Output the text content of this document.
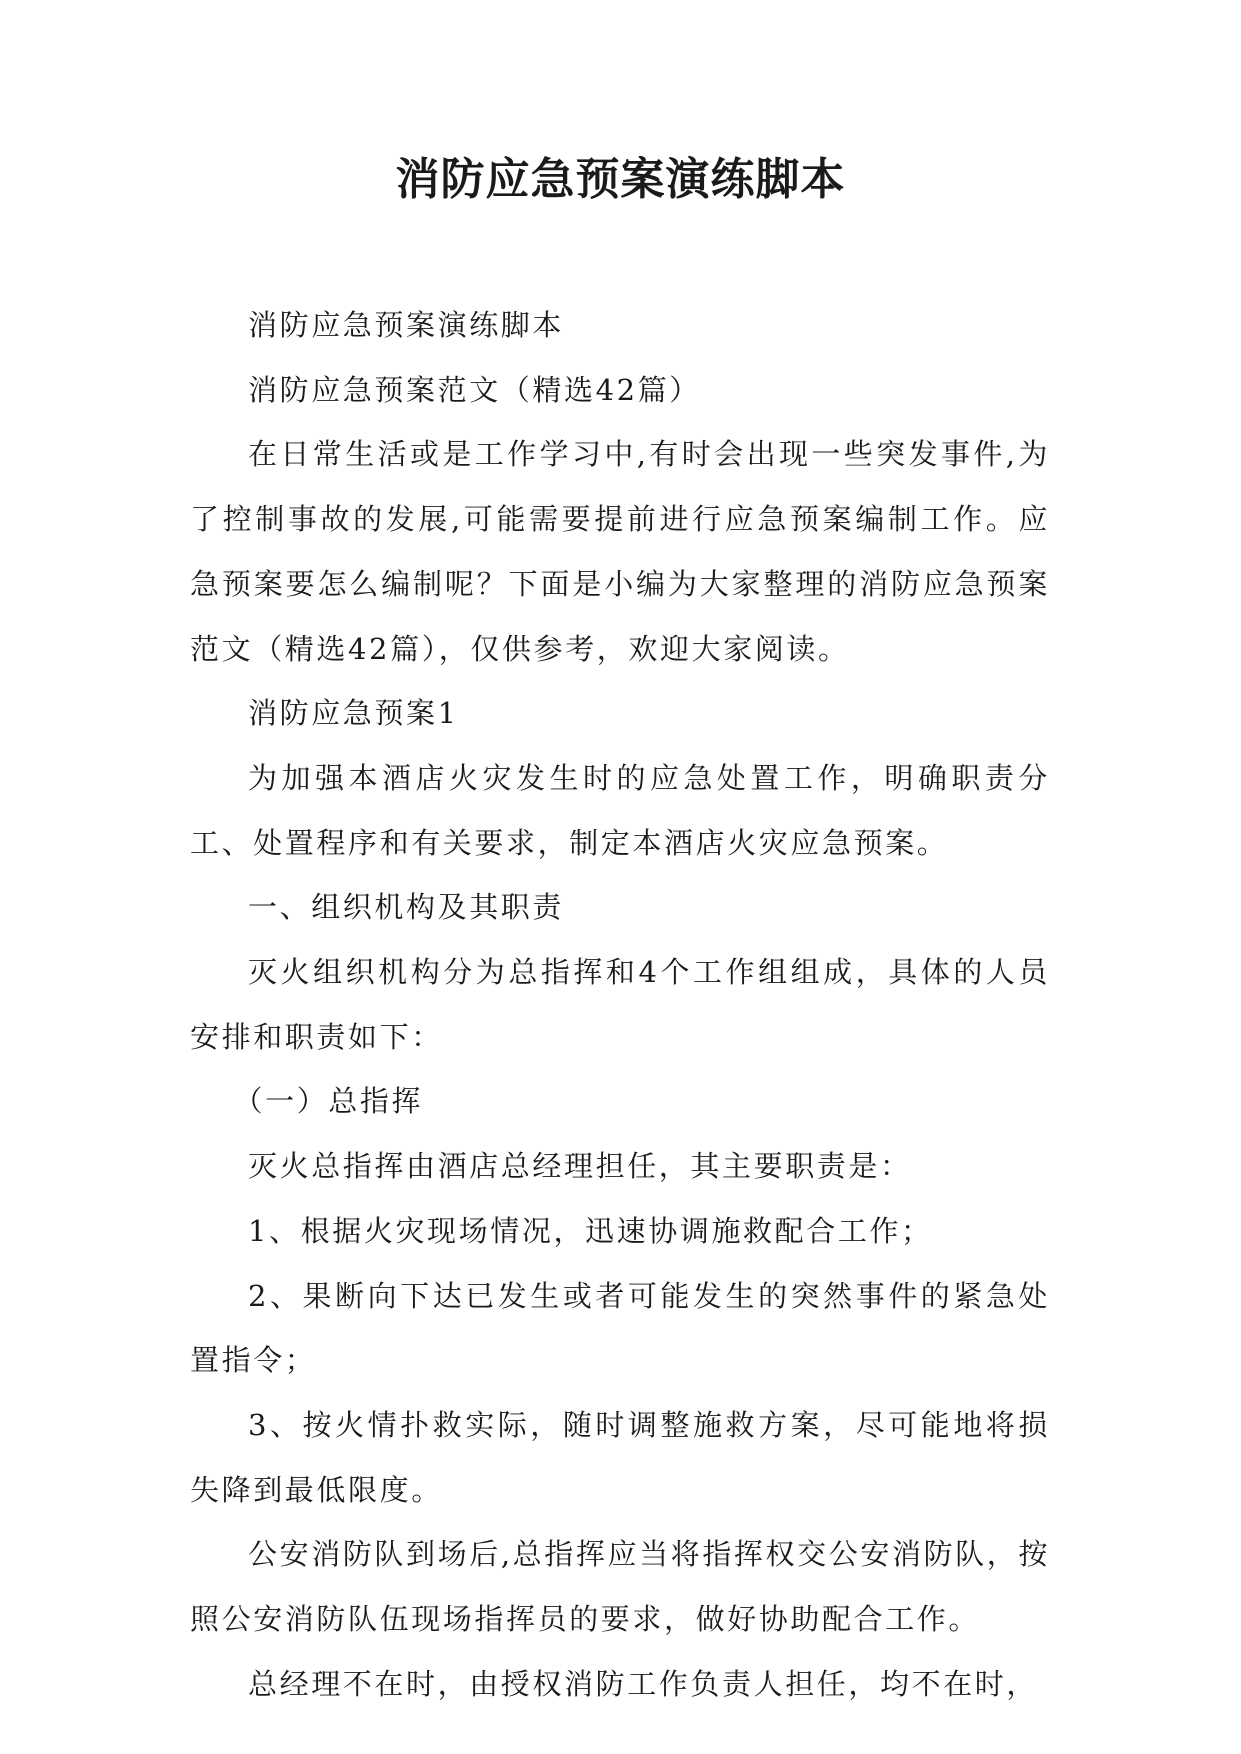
消防应急预案演练脚本

消防应急预案演练脚本

消防应急预案范文（精选42篇）

在日常生活或是工作学习中,有时会出现一些突发事件,为了控制事故的发展,可能需要提前进行应急预案编制工作。应急预案要怎么编制呢？下面是小编为大家整理的消防应急预案范文（精选42篇），仅供参考，欢迎大家阅读。

消防应急预案1

为加强本酒店火灾发生时的应急处置工作，明确职责分工、处置程序和有关要求，制定本酒店火灾应急预案。

一、组织机构及其职责

灭火组织机构分为总指挥和4个工作组组成，具体的人员安排和职责如下：

（一）总指挥

灭火总指挥由酒店总经理担任，其主要职责是：

1、根据火灾现场情况，迅速协调施救配合工作；

2、果断向下达已发生或者可能发生的突然事件的紧急处置指令；

3、按火情扑救实际，随时调整施救方案，尽可能地将损失降到最低限度。

公安消防队到场后,总指挥应当将指挥权交公安消防队，按照公安消防队伍现场指挥员的要求，做好协助配合工作。

总经理不在时，由授权消防工作负责人担任，均不在时，
